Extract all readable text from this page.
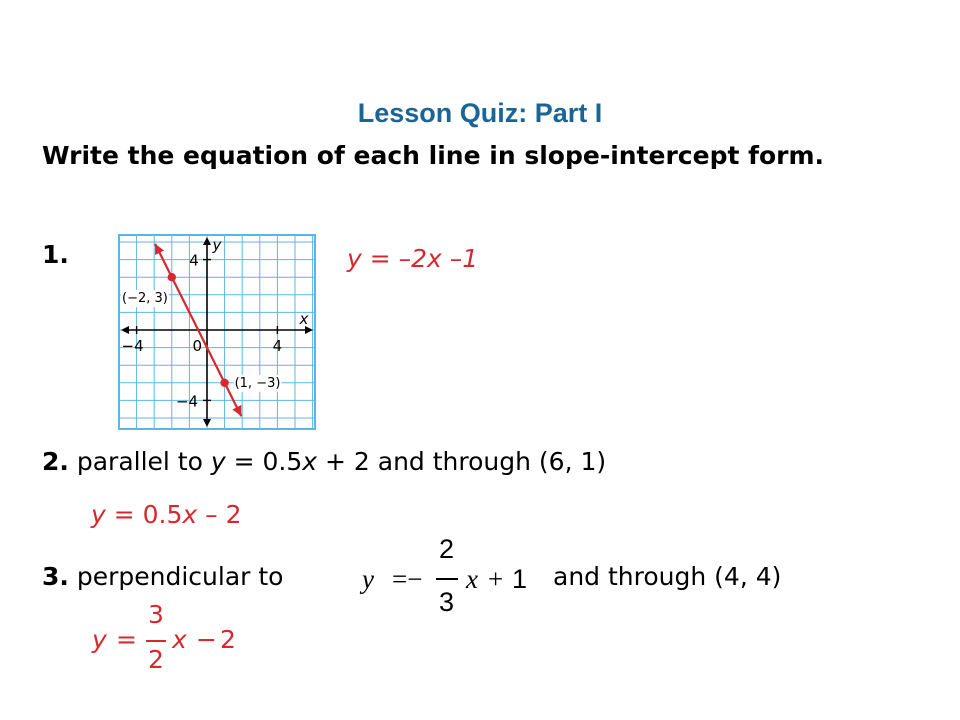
Lesson Quiz: Part I
Write the equation of each line in slope-intercept form.
1.	4
−4
−4	4
0
x
y
(−2, 3)
(1, −3)
y = –2x –1
2. parallel to y = 0.5x + 2 and through (6, 1)
y = 0.5x – 2
3. perpendicular to	y =−
2
3
x + 1 and through (4, 4)
y =
3
2
x − 2
